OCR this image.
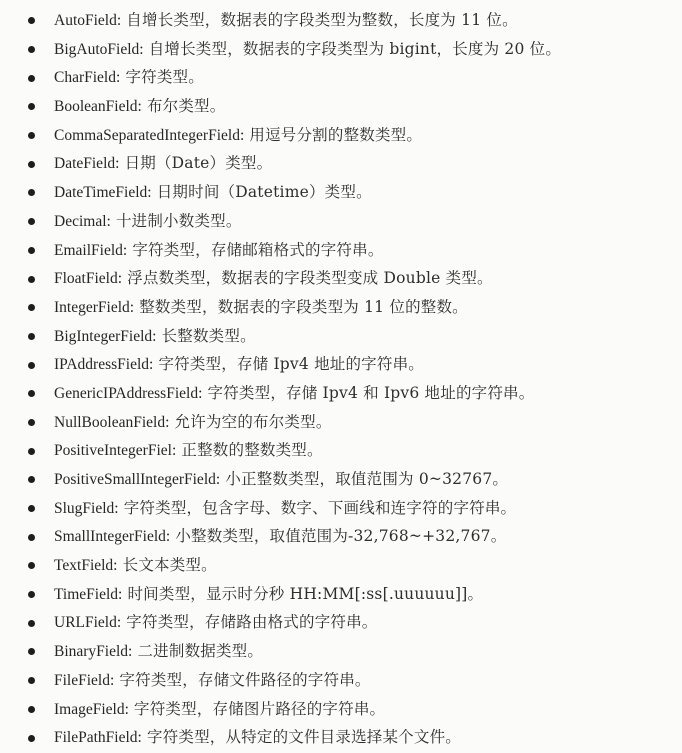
AutoField: 自增长类型，数据表的字段类型为整数，长度为 11 位。
BigAutoField: 自增长类型，数据表的字段类型为 bigint，长度为 20 位。
CharField: 字符类型。
BooleanField: 布尔类型。
CommaSeparatedIntegerField: 用逗号分割的整数类型。
DateField: 日期（Date）类型。
DateTimeField: 日期时间（Datetime）类型。
Decimal: 十进制小数类型。
EmailField: 字符类型，存储邮箱格式的字符串。
FloatField: 浮点数类型，数据表的字段类型变成 Double 类型。
IntegerField: 整数类型，数据表的字段类型为 11 位的整数。
BigIntegerField: 长整数类型。
IPAddressField: 字符类型，存储 Ipv4 地址的字符串。
GenericIPAddressField: 字符类型，存储 Ipv4 和 Ipv6 地址的字符串。
NullBooleanField: 允许为空的布尔类型。
PositiveIntegerFiel: 正整数的整数类型。
PositiveSmallIntegerField: 小正整数类型，取值范围为 0~32767。
SlugField: 字符类型，包含字母、数字、下画线和连字符的字符串。
SmallIntegerField: 小整数类型，取值范围为-32,768~+32,767。
TextField: 长文本类型。
TimeField: 时间类型，显示时分秒 HH:MM[:ss[.uuuuuu]]。
URLField: 字符类型，存储路由格式的字符串。
BinaryField: 二进制数据类型。
FileField: 字符类型，存储文件路径的字符串。
ImageField: 字符类型，存储图片路径的字符串。
FilePathField: 字符类型，从特定的文件目录选择某个文件。
